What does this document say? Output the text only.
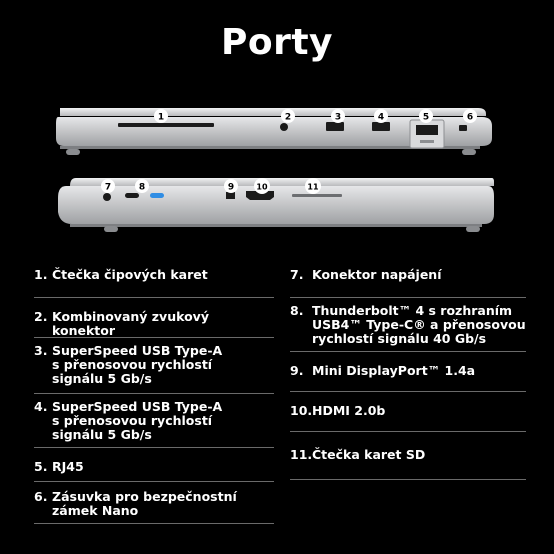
Porty
1	2	3	4	5	6
7	8	9	10	11
1. Čtečka čipových karet
2. Kombinovaný zvukový konektor
3. SuperSpeed USB Type-A
s přenosovou rychlostí
signálu 5 Gb/s
4. SuperSpeed USB Type-A
s přenosovou rychlostí
signálu 5 Gb/s
5. RJ45
6. Zásuvka pro bezpečnostní
zámek Nano
7. Konektor napájení
8. Thunderbolt™ 4 s rozhraním
USB4™ Type-C® a přenosovou
rychlostí signálu 40 Gb/s
9. Mini DisplayPort™ 1.4a
10. HDMI 2.0b
11. Čtečka karet SD
